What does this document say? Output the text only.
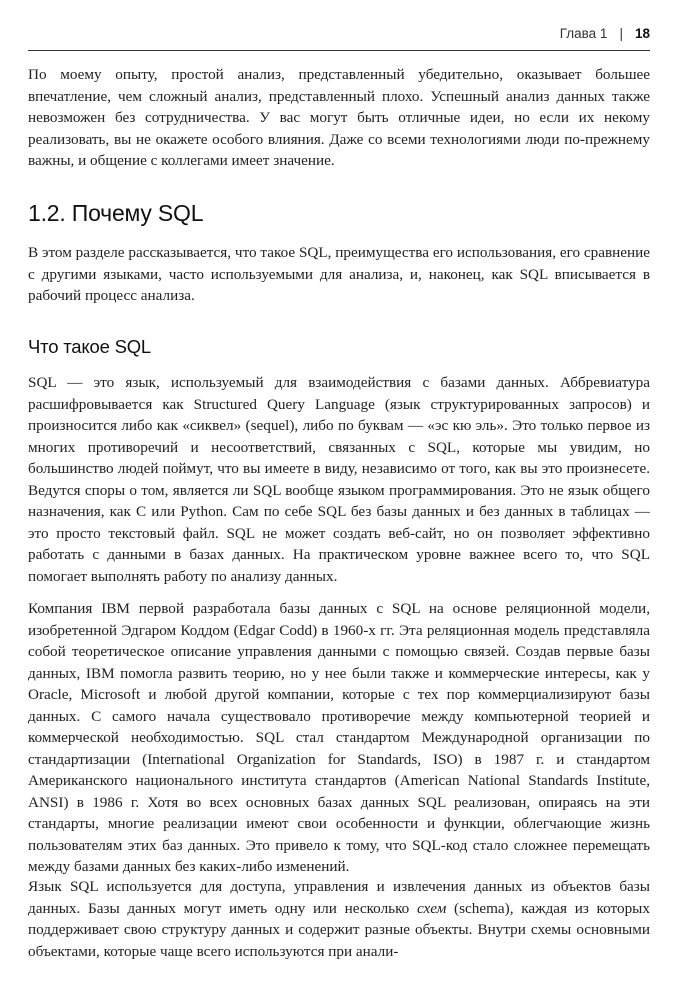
Глава 1 | 18

По моему опыту, простой анализ, представленный убедительно, оказывает большее впечатление, чем сложный анализ, представленный плохо. Успешный анализ данных также невозможен без сотрудничества. У вас могут быть отличные идеи, но если их некому реализовать, вы не окажете особого влияния. Даже со всеми технологиями люди по-прежнему важны, и общение с коллегами имеет значение.

1.2. Почему SQL

В этом разделе рассказывается, что такое SQL, преимущества его использования, его сравнение с другими языками, часто используемыми для анализа, и, наконец, как SQL вписывается в рабочий процесс анализа.

Что такое SQL

SQL — это язык, используемый для взаимодействия с базами данных. Аббревиатура расшифровывается как Structured Query Language (язык структурированных запросов) и произносится либо как «сиквел» (sequel), либо по буквам — «эс кю эль». Это только первое из многих противоречий и несоответствий, связанных с SQL, которые мы увидим, но большинство людей поймут, что вы имеете в виду, независимо от того, как вы это произнесете. Ведутся споры о том, является ли SQL вообще языком программирования. Это не язык общего назначения, как C или Python. Сам по себе SQL без базы данных и без данных в таблицах — это просто текстовый файл. SQL не может создать веб-сайт, но он позволяет эффективно работать с данными в базах данных. На практическом уровне важнее всего то, что SQL помогает выполнять работу по анализу данных.

Компания IBM первой разработала базы данных с SQL на основе реляционной модели, изобретенной Эдгаром Коддом (Edgar Codd) в 1960-х гг. Эта реляционная модель представляла собой теоретическое описание управления данными с помощью связей. Создав первые базы данных, IBM помогла развить теорию, но у нее были также и коммерческие интересы, как у Oracle, Microsoft и любой другой компании, которые с тех пор коммерциализируют базы данных. С самого начала существовало противоречие между компьютерной теорией и коммерческой необходимостью. SQL стал стандартом Международной организации по стандартизации (International Organization for Standards, ISO) в 1987 г. и стандартом Американского национального института стандартов (American National Standards Institute, ANSI) в 1986 г. Хотя во всех основных базах данных SQL реализован, опираясь на эти стандарты, многие реализации имеют свои особенности и функции, облегчающие жизнь пользователям этих баз данных. Это привело к тому, что SQL-код стало сложнее перемещать между базами данных без каких-либо изменений.

Язык SQL используется для доступа, управления и извлечения данных из объектов базы данных. Базы данных могут иметь одну или несколько схем (schema), каждая из которых поддерживает свою структуру данных и содержит разные объекты. Внутри схемы основными объектами, которые чаще всего используются при анали-
